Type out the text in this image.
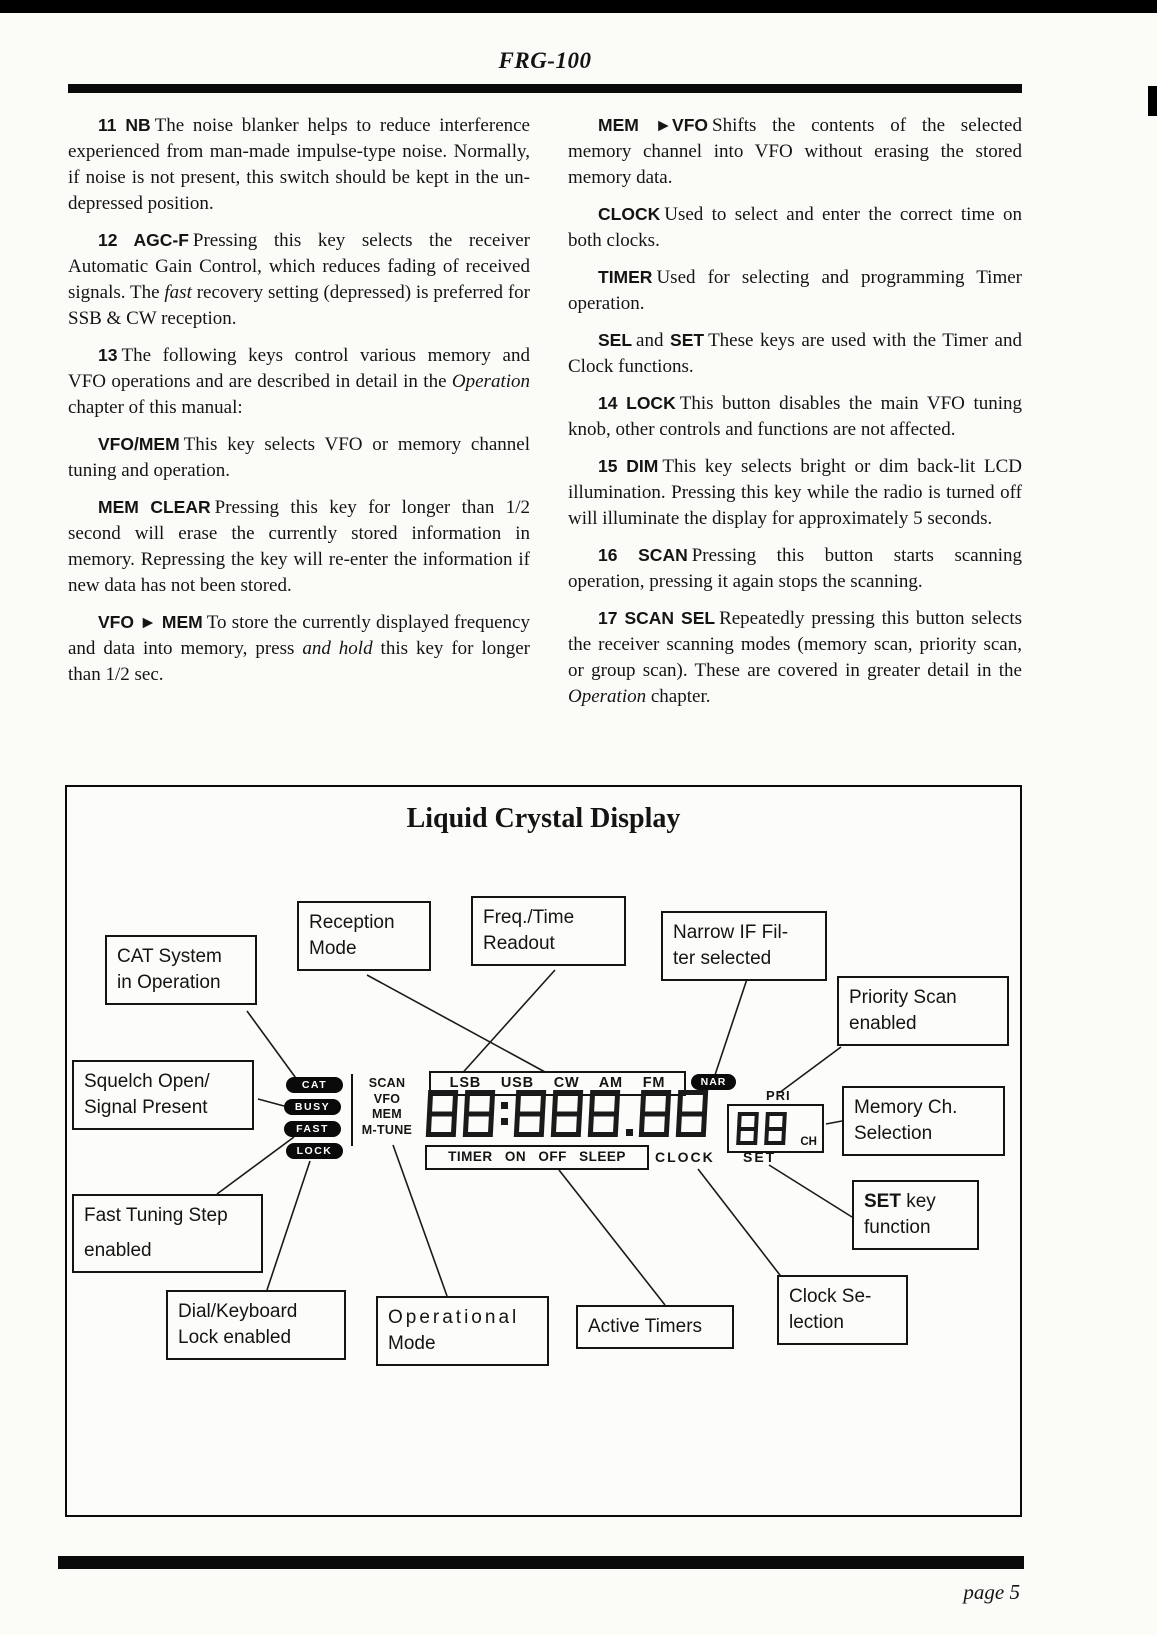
FRG-100

11 NB The noise blanker helps to reduce interference experienced from man-made impulse-type noise. Normally, if noise is not present, this switch should be kept in the un-depressed position.

12 AGC-F Pressing this key selects the receiver Automatic Gain Control, which reduces fading of received signals. The fast recovery setting (depressed) is preferred for SSB & CW reception.

13 The following keys control various memory and VFO operations and are described in detail in the Operation chapter of this manual:

VFO/MEM This key selects VFO or memory channel tuning and operation.

MEM CLEAR Pressing this key for longer than 1/2 second will erase the currently stored information in memory. Repressing the key will re-enter the information if new data has not been stored.

VFO ► MEM To store the currently displayed frequency and data into memory, press and hold this key for longer than 1/2 sec.

MEM ►VFO Shifts the contents of the selected memory channel into VFO without erasing the stored memory data.

CLOCK Used to select and enter the correct time on both clocks.

TIMER Used for selecting and programming Timer operation.

SEL and SET These keys are used with the Timer and Clock functions.

14 LOCK This button disables the main VFO tuning knob, other controls and functions are not affected.

15 DIM This key selects bright or dim back-lit LCD illumination. Pressing this key while the radio is turned off will illuminate the display for approximately 5 seconds.

16 SCAN Pressing this button starts scanning operation, pressing it again stops the scanning.

17 SCAN SEL Repeatedly pressing this button selects the receiver scanning modes (memory scan, priority scan, or group scan). These are covered in greater detail in the Operation chapter.

Liquid Crystal Display
CAT
BUSY
FAST
LOCK
SCAN
VFO
MEM
M-TUNE
LSB USB CW AM FM	NAR
PRI
CH
TIMER ON OFF SLEEP	CLOCK SET
CAT System
in Operation
Reception
Mode
Freq./Time
Readout
Narrow IF Fil-
ter selected
Priority Scan
enabled
Squelch Open/
Signal Present	Memory Ch.
Selection
Fast Tuning Step
enabled
SET key
function
Dial/Keyboard
Lock enabled
Operational
Mode
Active Timers
Clock Se-
lection
page 5
